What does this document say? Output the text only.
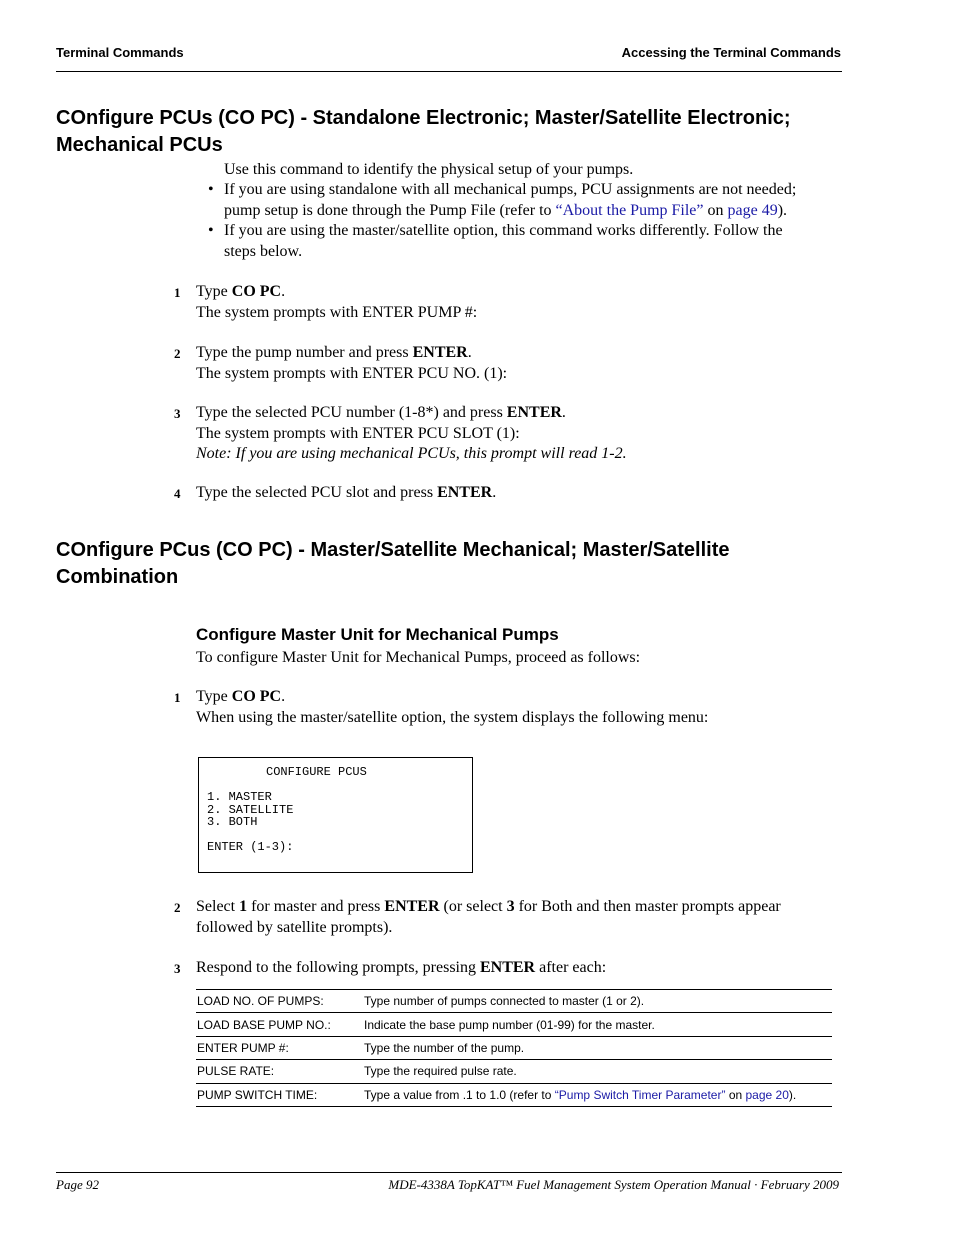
Terminal Commands	Accessing the Terminal Commands
COnfigure PCUs (CO PC) - Standalone Electronic; Master/Satellite Electronic; Mechanical PCUs
Use this command to identify the physical setup of your pumps.
• If you are using standalone with all mechanical pumps, PCU assignments are not needed;
pump setup is done through the Pump File (refer to “About the Pump File” on page 49).
• If you are using the master/satellite option, this command works differently. Follow the
steps below.
1 Type CO PC.
The system prompts with ENTER PUMP #:
2 Type the pump number and press ENTER.
The system prompts with ENTER PCU NO. (1):
3 Type the selected PCU number (1-8*) and press ENTER.
The system prompts with ENTER PCU SLOT (1):
Note: If you are using mechanical PCUs, this prompt will read 1-2.
4 Type the selected PCU slot and press ENTER.
COnfigure PCus (CO PC) - Master/Satellite Mechanical; Master/Satellite Combination
Configure Master Unit for Mechanical Pumps
To configure Master Unit for Mechanical Pumps, proceed as follows:
1 Type CO PC.
When using the master/satellite option, the system displays the following menu:
CONFIGURE PCUS
1. MASTER
2. SATELLITE
3. BOTH
ENTER (1-3):
2 Select 1 for master and press ENTER (or select 3 for Both and then master prompts appear followed by satellite prompts).
3 Respond to the following prompts, pressing ENTER after each:
LOAD NO. OF PUMPS:	Type number of pumps connected to master (1 or 2).
LOAD BASE PUMP NO.:	Indicate the base pump number (01-99) for the master.
ENTER PUMP #:	Type the number of the pump.
PULSE RATE:	Type the required pulse rate.
PUMP SWITCH TIME:	Type a value from .1 to 1.0 (refer to “Pump Switch Timer Parameter” on page 20).
Page 92	MDE-4338A TopKAT™ Fuel Management System Operation Manual · February 2009
